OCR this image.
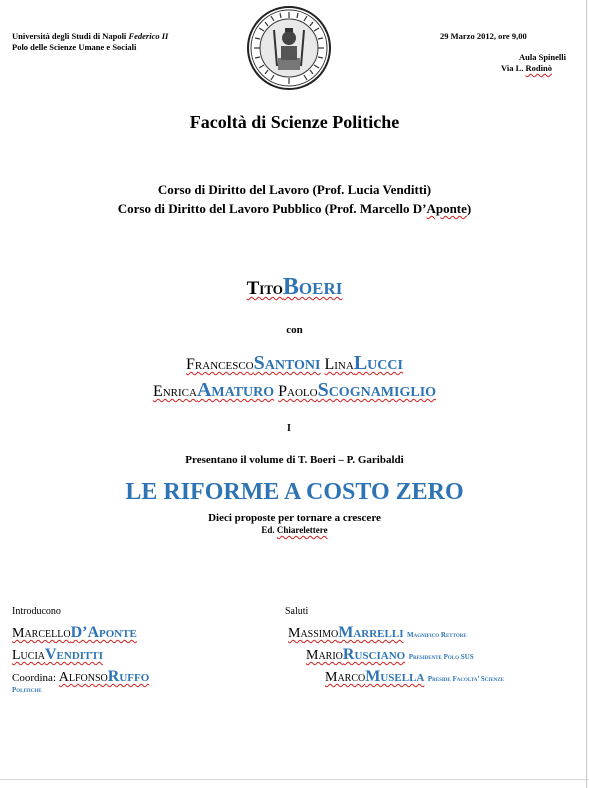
Università degli Studi di Napoli Federico II
Polo delle Scienze Umane e Sociali
29 Marzo 2012, ore 9,00
Aula Spinelli
Via L. Rodinò
Facoltà di Scienze Politiche
Corso di Diritto del Lavoro (Prof. Lucia Venditti)
Corso di Diritto del Lavoro Pubblico (Prof. Marcello D’Aponte)
TitoBoeri
con
FrancescoSantoni LinaLucci
EnricaAmaturo PaoloScognamiglio
I
Presentano il volume di T. Boeri – P. Garibaldi
LE RIFORME A COSTO ZERO
Dieci proposte per tornare a crescere
Ed. Chiarelettere
Introducono
MarcelloD’Aponte
LuciaVenditti
Coordina: AlfonsoRuffo
Politiche
Saluti
MassimoMarrelli Magnifico Rettore
MarioRusciano Presidente Polo SUS
MarcoMusella Preside Facolta’ Scienze
